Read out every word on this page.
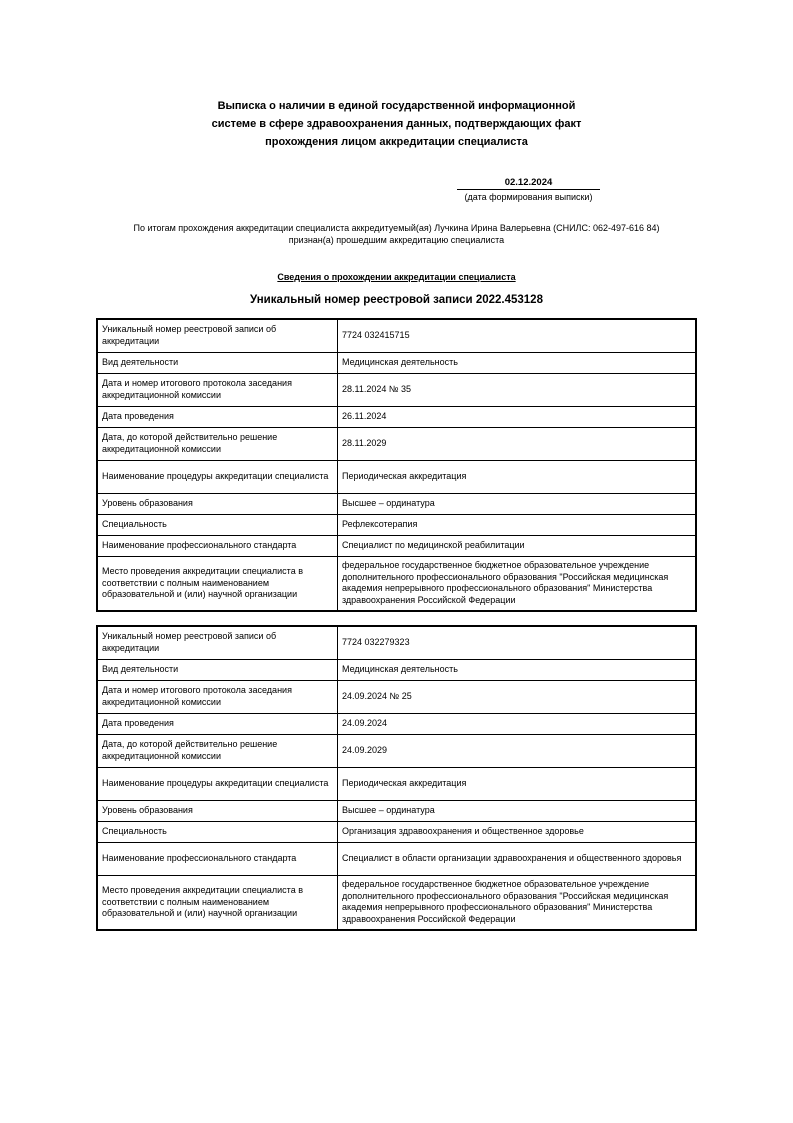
Выписка о наличии в единой государственной информационной
системе в сфере здравоохранения данных, подтверждающих факт
прохождения лицом аккредитации специалиста
02.12.2024
(дата формирования выписки)
По итогам прохождения аккредитации специалиста аккредитуемый(ая) Лучкина Ирина Валерьевна (СНИЛС: 062-497-616 84)
признан(а) прошедшим аккредитацию специалиста
Сведения о прохождении аккредитации специалиста
Уникальный номер реестровой записи 2022.453128
Уникальный номер реестровой записи об аккредитации	7724 032415715
Вид деятельности	Медицинская деятельность
Дата и номер итогового протокола заседания аккредитационной комиссии	28.11.2024 № 35
Дата проведения	26.11.2024
Дата, до которой действительно решение аккредитационной комиссии	28.11.2029
Наименование процедуры аккредитации специалиста	Периодическая аккредитация
Уровень образования	Высшее – ординатура
Специальность	Рефлексотерапия
Наименование профессионального стандарта	Специалист по медицинской реабилитации
Место проведения аккредитации специалиста в соответствии с полным наименованием образовательной и (или) научной организации	федеральное государственное бюджетное образовательное учреждение дополнительного профессионального образования "Российская медицинская академия непрерывного профессионального образования" Министерства здравоохранения Российской Федерации
Уникальный номер реестровой записи об аккредитации	7724 032279323
Вид деятельности	Медицинская деятельность
Дата и номер итогового протокола заседания аккредитационной комиссии	24.09.2024 № 25
Дата проведения	24.09.2024
Дата, до которой действительно решение аккредитационной комиссии	24.09.2029
Наименование процедуры аккредитации специалиста	Периодическая аккредитация
Уровень образования	Высшее – ординатура
Специальность	Организация здравоохранения и общественное здоровье
Наименование профессионального стандарта	Специалист в области организации здравоохранения и общественного здоровья
Место проведения аккредитации специалиста в соответствии с полным наименованием образовательной и (или) научной организации	федеральное государственное бюджетное образовательное учреждение дополнительного профессионального образования "Российская медицинская академия непрерывного профессионального образования" Министерства здравоохранения Российской Федерации
